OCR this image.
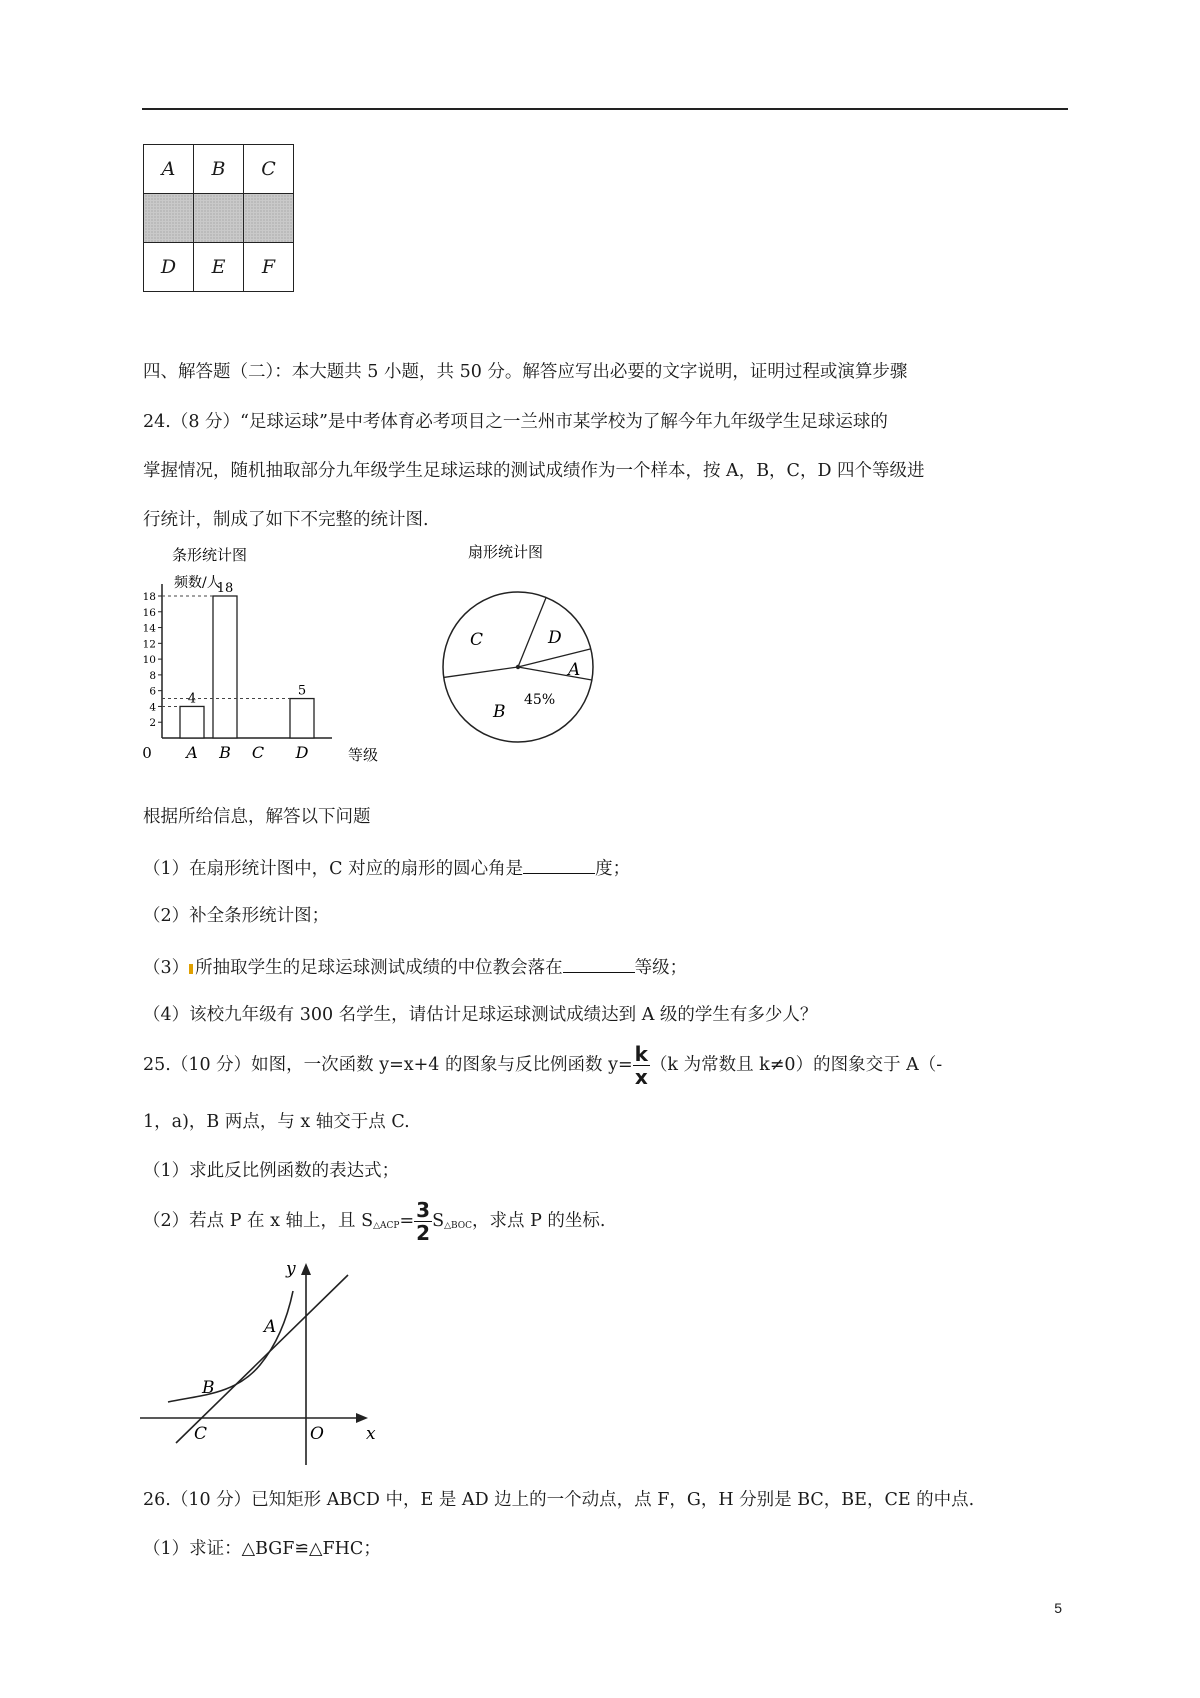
A	B	C

D	E	F
四、解答题（二）：本大题共 5 小题，共 50 分。解答应写出必要的文字说明，证明过程或演算步骤
24.（8 分）“足球运球”是中考体育必考项目之一兰州市某学校为了解今年九年级学生足球运球的
掌握情况，随机抽取部分九年级学生足球运球的测试成绩作为一个样本，按 A，B，C，D 四个等级进
行统计，制成了如下不完整的统计图.
条形统计图
频数/人
0
2
4
6
8
10
12
14
16
18
A
4
B
18
C D
5
等级
扇形统计图
C	D
A
B
45%
根据所给信息，解答以下问题
（1）在扇形统计图中，C 对应的扇形的圆心角是	度；
（2）补全条形统计图；
（3） 所抽取学生的足球运球测试成绩的中位教会落在	等级；
（4）该校九年级有 300 名学生，请估计足球运球测试成绩达到 A 级的学生有多少人？
25.（10 分）如图，一次函数 y=x+4 的图象与反比例函数 $y= \frac{k}{x} (k$ 为常数且 k≠0）的图象交于 A（-
1，a)，B 两点，与 x 轴交于点 C.
（1）求此反比例函数的表达式；
（2）若点 P 在 x 轴上，且 $S_{\triangle ACP}= \frac{3}{2} S_{\triangle BOC}$，求点 P 的坐标.
y
x
A
B
C	O
26.（10 分）已知矩形 ABCD 中，E 是 AD 边上的一个动点，点 F，G，H 分别是 BC，BE，CE 的中点.
（1）求证：△BGF≌△FHC；
5
